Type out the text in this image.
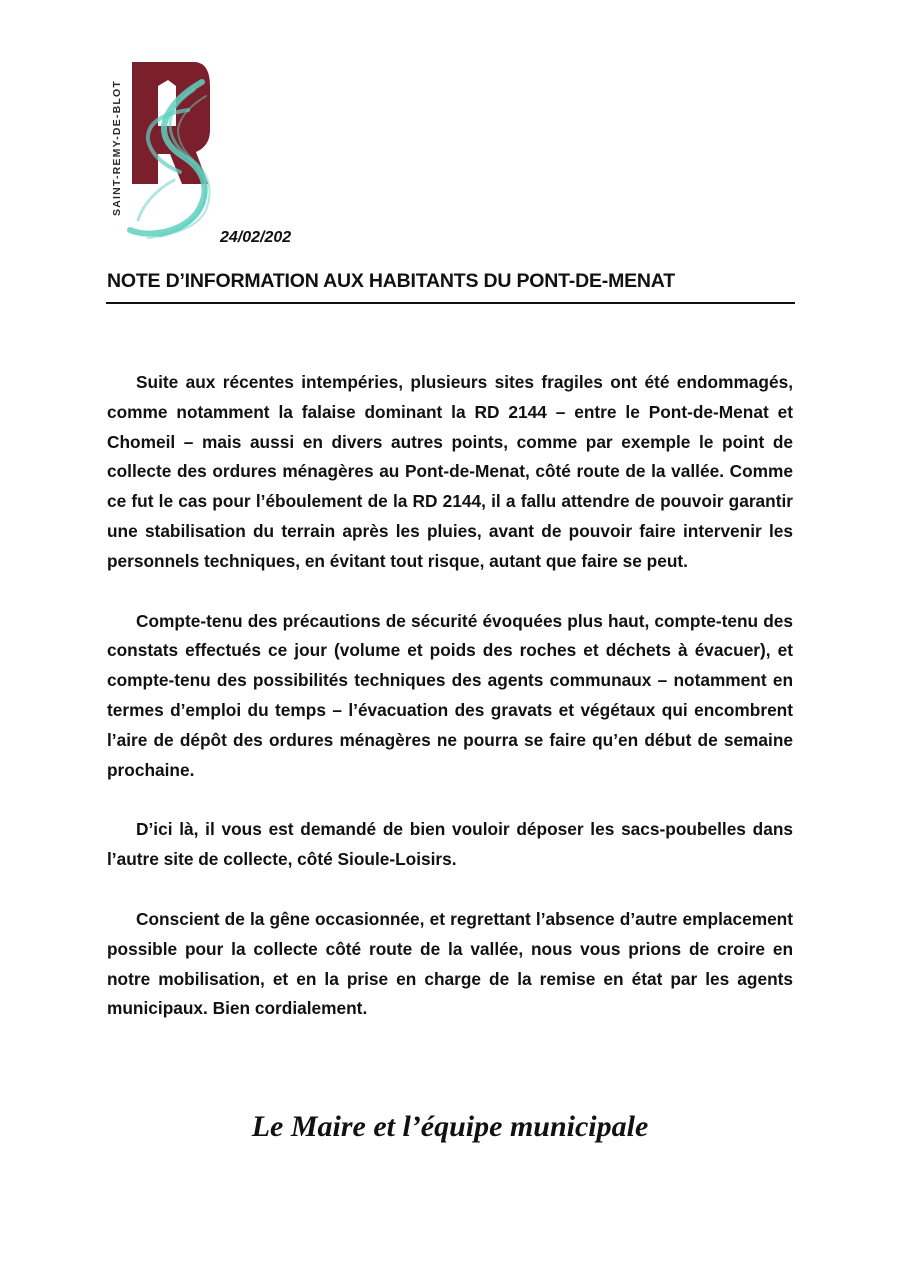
SAINT-REMY-DE-BLOT
24/02/202
NOTE D’INFORMATION AUX HABITANTS DU PONT-DE-MENAT

Suite aux récentes intempéries, plusieurs sites fragiles ont été endommagés, comme notamment la falaise dominant la RD 2144 – entre le Pont-de-Menat et Chomeil – mais aussi en divers autres points, comme par exemple le point de collecte des ordures ménagères au Pont-de-Menat, côté route de la vallée. Comme ce fut le cas pour l’éboulement de la RD 2144, il a fallu attendre de pouvoir garantir une stabilisation du terrain après les pluies, avant de pouvoir faire intervenir les personnels techniques, en évitant tout risque, autant que faire se peut.

Compte-tenu des précautions de sécurité évoquées plus haut, compte-tenu des constats effectués ce jour (volume et poids des roches et déchets à évacuer), et compte-tenu des possibilités techniques des agents communaux – notamment en termes d’emploi du temps – l’évacuation des gravats et végétaux qui encombrent l’aire de dépôt des ordures ménagères ne pourra se faire qu’en début de semaine prochaine.

D’ici là, il vous est demandé de bien vouloir déposer les sacs-poubelles dans l’autre site de collecte, côté Sioule-Loisirs.

Conscient de la gêne occasionnée, et regrettant l’absence d’autre emplacement possible pour la collecte côté route de la vallée, nous vous prions de croire en notre mobilisation, et en la prise en charge de la remise en état par les agents municipaux. Bien cordialement.

Le Maire et l’équipe municipale
